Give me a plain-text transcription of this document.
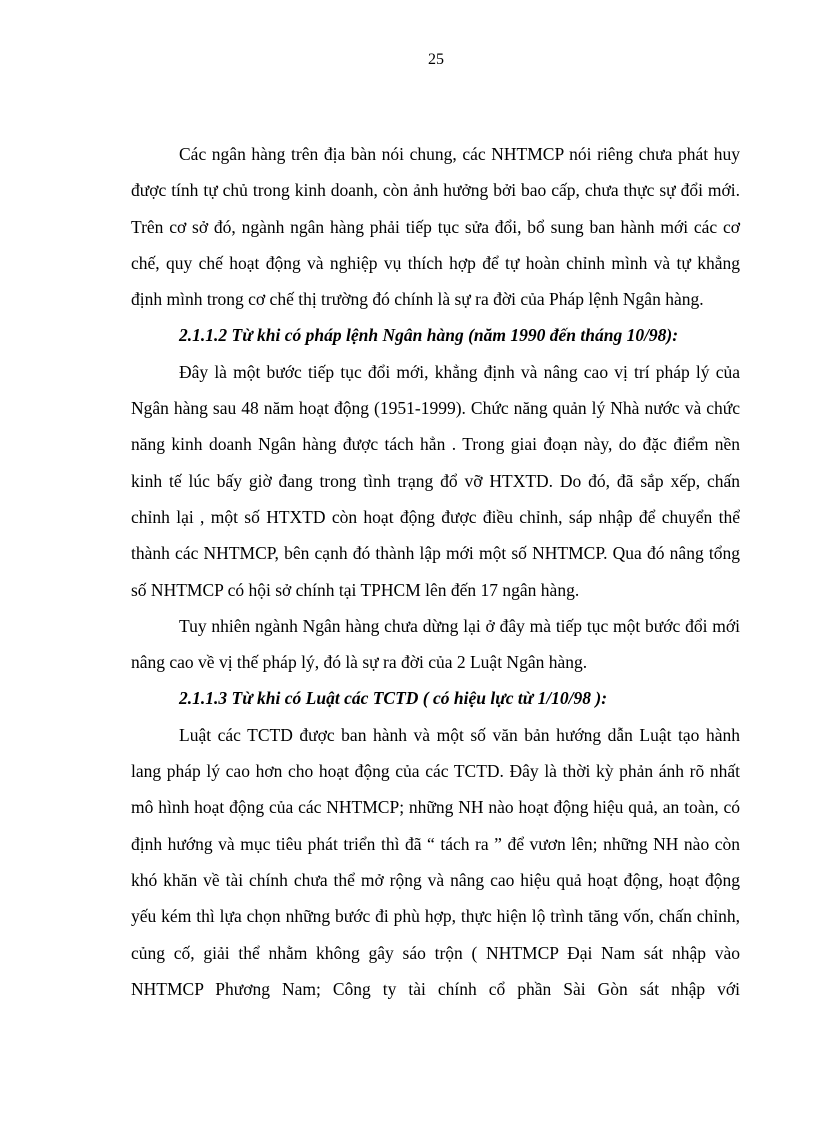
25

Các ngân hàng trên địa bàn nói chung, các NHTMCP nói riêng chưa phát huy được tính tự chủ trong kinh doanh, còn ảnh hưởng bởi bao cấp, chưa thực sự đổi mới. Trên cơ sở đó, ngành ngân hàng phải tiếp tục sửa đổi, bổ sung ban hành mới các cơ chế, quy chế hoạt động và nghiệp vụ thích hợp để tự hoàn chỉnh mình và tự khẳng định mình trong cơ chế thị trường đó chính là sự ra đời của Pháp lệnh Ngân hàng.

2.1.1.2 Từ khi có pháp lệnh Ngân hàng (năm 1990 đến tháng 10/98):

Đây là một bước tiếp tục đổi mới, khẳng định và nâng cao vị trí pháp lý của Ngân hàng sau 48 năm hoạt động (1951-1999). Chức năng quản lý Nhà nước và chức năng kinh doanh Ngân hàng được tách hẳn . Trong giai đoạn này, do đặc điểm nền kinh tế lúc bấy giờ đang trong tình trạng đổ vỡ HTXTD. Do đó, đã sắp xếp, chấn chỉnh lại , một số HTXTD còn hoạt động được điều chỉnh, sáp nhập để chuyển thể thành các NHTMCP, bên cạnh đó thành lập mới một số NHTMCP. Qua đó nâng tổng số NHTMCP có hội sở chính tại TPHCM lên đến 17 ngân hàng.

Tuy nhiên ngành Ngân hàng chưa dừng lại ở đây mà tiếp tục một bước đổi mới nâng cao về vị thế pháp lý, đó là sự ra đời của 2 Luật Ngân hàng.

2.1.1.3 Từ khi có Luật các TCTD ( có hiệu lực từ 1/10/98 ):

Luật các TCTD được ban hành và một số văn bản hướng dẫn Luật tạo hành lang pháp lý cao hơn cho hoạt động của các TCTD. Đây là thời kỳ phản ánh rõ nhất mô hình hoạt động của các NHTMCP; những NH nào hoạt động hiệu quả, an toàn, có định hướng và mục tiêu phát triển thì đã “ tách ra ” để vươn lên; những NH nào còn khó khăn về tài chính chưa thể mở rộng và nâng cao hiệu quả hoạt động, hoạt động yếu kém thì lựa chọn những bước đi phù hợp, thực hiện lộ trình tăng vốn, chấn chỉnh, củng cố, giải thể nhằm không gây sáo trộn ( NHTMCP Đại Nam sát nhập vào NHTMCP Phương Nam; Công ty tài chính cổ phần Sài Gòn sát nhập với
